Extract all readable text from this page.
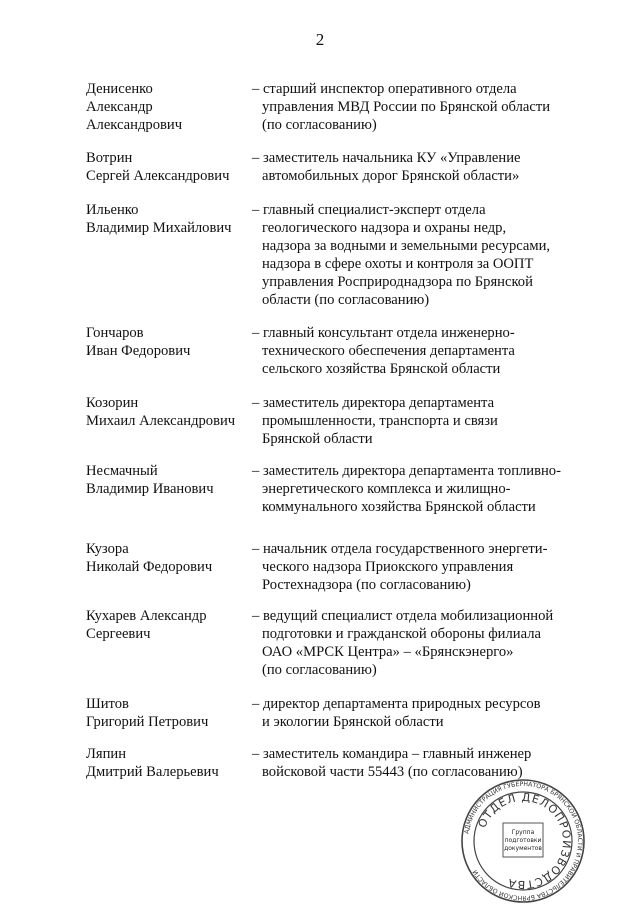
2
Денисенко
Александр
Александрович
– старший инспектор оперативного отдела
управления МВД России по Брянской области
(по согласованию)
Вотрин
Сергей Александрович
– заместитель начальника КУ «Управление
автомобильных дорог Брянской области»
Ильенко
Владимир Михайлович
– главный специалист-эксперт отдела
геологического надзора и охраны недр,
надзора за водными и земельными ресурсами,
надзора в сфере охоты и контроля за ООПТ
управления Росприроднадзора по Брянской
области (по согласованию)
Гончаров
Иван Федорович
– главный консультант отдела инженерно-
технического обеспечения департамента
сельского хозяйства Брянской области
Козорин
Михаил Александрович
– заместитель директора департамента
промышленности, транспорта и связи
Брянской области
Несмачный
Владимир Иванович
– заместитель директора департамента топливно-
энергетического комплекса и жилищно-
коммунального хозяйства Брянской области
Кузора
Николай Федорович
– начальник отдела государственного энергети-
ческого надзора Приокского управления
Ростехнадзора (по согласованию)
Кухарев Александр
Сергеевич
– ведущий специалист отдела мобилизационной
подготовки и гражданской обороны филиала
ОАО «МРСК Центра» – «Брянскэнерго»
(по согласованию)
Шитов
Григорий Петрович
– директор департамента природных ресурсов
и экологии Брянской области
Ляпин
Дмитрий Валерьевич
– заместитель командира – главный инженер
войсковой части 55443 (по согласованию)
АДМИНИСТРАЦИЯ ГУБЕРНАТОРА БРЯНСКОЙ ОБЛАСТИ И ПРАВИТЕЛЬСТВА БРЯНСКОЙ ОБЛАСТИ
ОТДЕЛ ДЕЛОПРОИЗВОДСТВА
Группа подготовки документов
